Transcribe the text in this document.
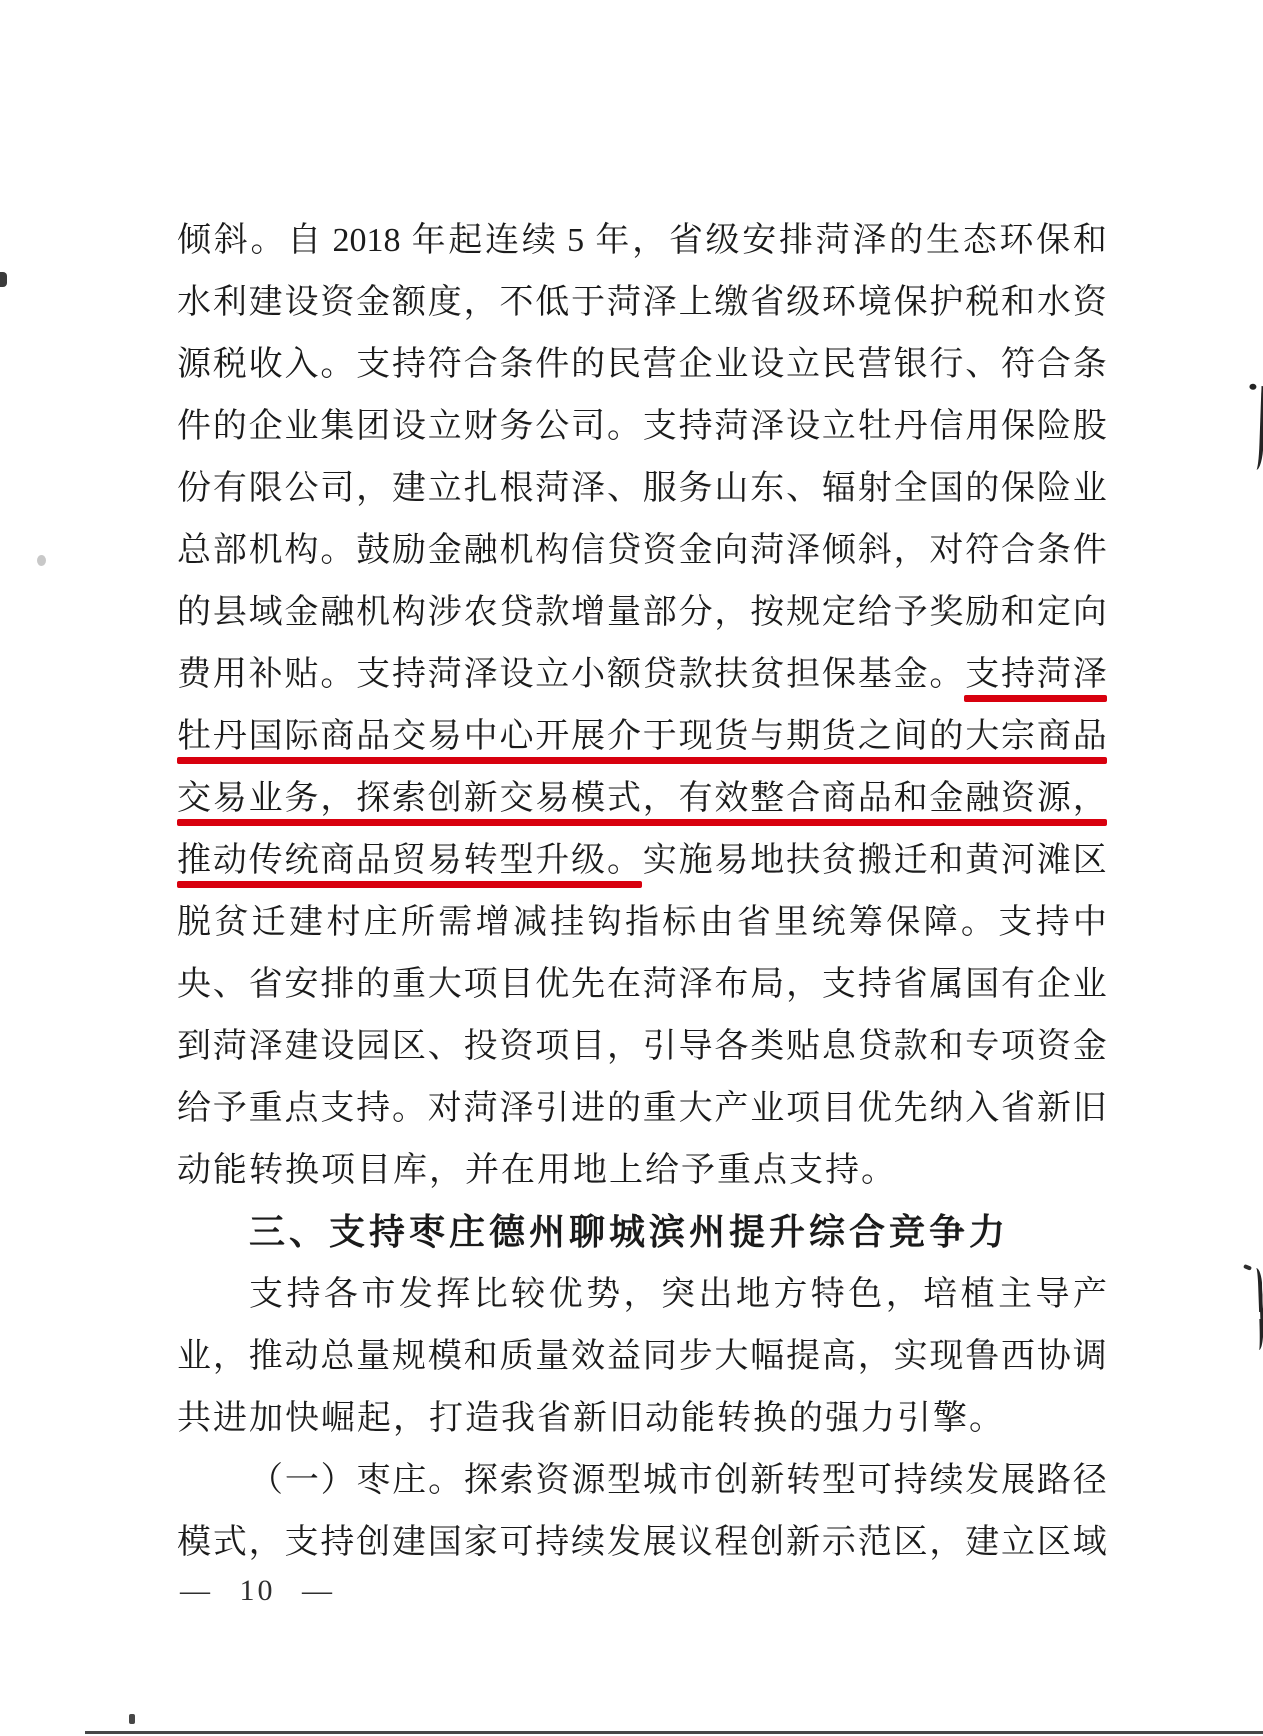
倾 斜 。 自 2018 年 起 连 续 5 年 ， 省 级 安 排 菏 泽 的 生 态 环 保 和
水 利 建 设 资 金 额 度 ， 不 低 于 菏 泽 上 缴 省 级 环 境 保 护 税 和 水 资
源 税 收 入 。 支 持 符 合 条 件 的 民 营 企 业 设 立 民 营 银 行 、 符 合 条
件 的 企 业 集 团 设 立 财 务 公 司 。 支 持 菏 泽 设 立 牡 丹 信 用 保 险 股
份 有 限 公 司 ， 建 立 扎 根 菏 泽 、 服 务 山 东 、 辐 射 全 国 的 保 险 业
总 部 机 构 。 鼓 励 金 融 机 构 信 贷 资 金 向 菏 泽 倾 斜 ， 对 符 合 条 件
的 县 域 金 融 机 构 涉 农 贷 款 增 量 部 分 ， 按 规 定 给 予 奖 励 和 定 向
费 用 补 贴 。 支 持 菏 泽 设 立 小 额 贷 款 扶 贫 担 保 基 金 。 支 持 菏 泽
牡 丹 国 际 商 品 交 易 中 心 开 展 介 于 现 货 与 期 货 之 间 的 大 宗 商 品
交 易 业 务 ， 探 索 创 新 交 易 模 式 ， 有 效 整 合 商 品 和 金 融 资 源 ，
推 动 传 统 商 品 贸 易 转 型 升 级 。 实 施 易 地 扶 贫 搬 迁 和 黄 河 滩 区
脱 贫 迁 建 村 庄 所 需 增 减 挂 钩 指 标 由 省 里 统 筹 保 障 。 支 持 中
央 、 省 安 排 的 重 大 项 目 优 先 在 菏 泽 布 局 ， 支 持 省 属 国 有 企 业
到 菏 泽 建 设 园 区 、 投 资 项 目 ， 引 导 各 类 贴 息 贷 款 和 专 项 资 金
给 予 重 点 支 持 。 对 菏 泽 引 进 的 重 大 产 业 项 目 优 先 纳 入 省 新 旧
动能转换项目库，并在用地上给予重点支持。
三、支持枣庄德州聊城滨州提升综合竞争力
支 持 各 市 发 挥 比 较 优 势 ， 突 出 地 方 特 色 ， 培 植 主 导 产
业 ， 推 动 总 量 规 模 和 质 量 效 益 同 步 大 幅 提 高 ， 实 现 鲁 西 协 调
共进加快崛起，打造我省新旧动能转换的强力引擎。
（ 一 ） 枣 庄 。 探 索 资 源 型 城 市 创 新 转 型 可 持 续 发 展 路 径
模 式 ， 支 持 创 建 国 家 可 持 续 发 展 议 程 创 新 示 范 区 ， 建 立 区 域
— 10 —
